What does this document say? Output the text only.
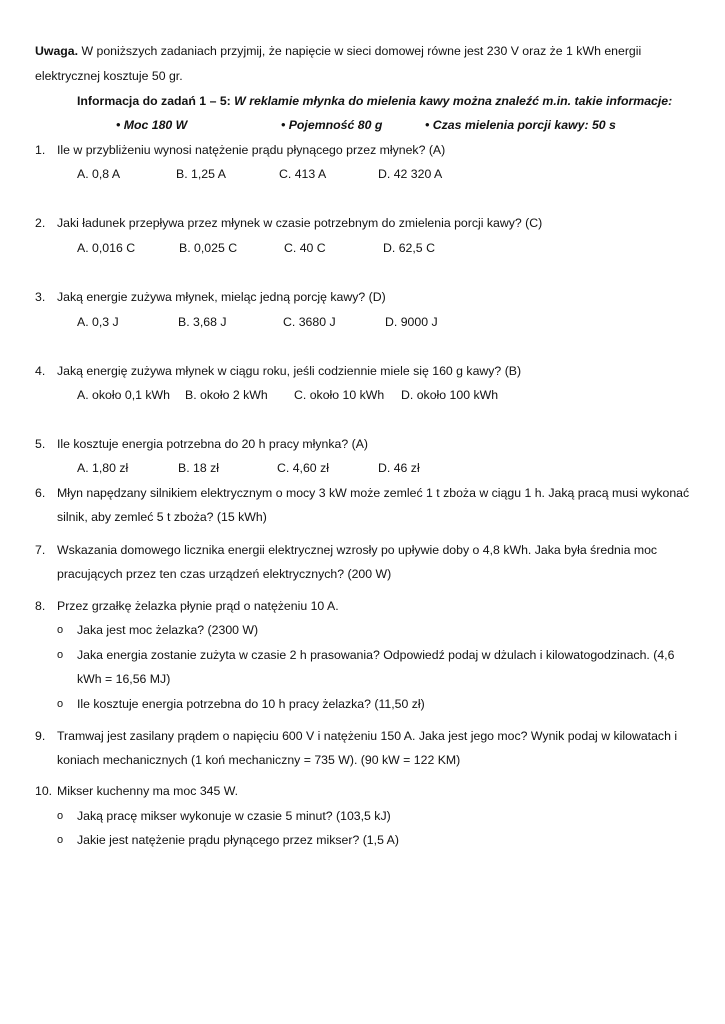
Uwaga. W poniższych zadaniach przyjmij, że napięcie w sieci domowej równe jest 230 V oraz że 1 kWh energii
elektrycznej kosztuje 50 gr.
Informacja do zadań 1 – 5: W reklamie młynka do mielenia kawy można znaleźć m.in. takie informacje:
• Moc 180 W	• Pojemność 80 g	• Czas mielenia porcji kawy: 50 s
1. Ile w przybliżeniu wynosi natężenie prądu płynącego przez młynek? (A)
A. 0,8 A	B. 1,25 A	C. 413 A	D. 42 320 A
2. Jaki ładunek przepływa przez młynek w czasie potrzebnym do zmielenia porcji kawy? (C)
A. 0,016 C	B. 0,025 C	C. 40 C	D. 62,5 C
3. Jaką energie zużywa młynek, mieląc jedną porcję kawy? (D)
A. 0,3 J	B. 3,68 J	C. 3680 J	D. 9000 J
4. Jaką energię zużywa młynek w ciągu roku, jeśli codziennie miele się 160 g kawy? (B)
A. około 0,1 kWh B. około 2 kWh C. około 10 kWh D. około 100 kWh
5. Ile kosztuje energia potrzebna do 20 h pracy młynka? (A)
A. 1,80 zł	B. 18 zł	C. 4,60 zł	D. 46 zł
6. Młyn napędzany silnikiem elektrycznym o mocy 3 kW może zemleć 1 t zboża w ciągu 1 h. Jaką pracą musi wykonać
silnik, aby zemleć 5 t zboża? (15 kWh)
7. Wskazania domowego licznika energii elektrycznej wzrosły po upływie doby o 4,8 kWh. Jaka była średnia moc
pracujących przez ten czas urządzeń elektrycznych? (200 W)
8. Przez grzałkę żelazka płynie prąd o natężeniu 10 A.
o Jaka jest moc żelazka? (2300 W)
o Jaka energia zostanie zużyta w czasie 2 h prasowania? Odpowiedź podaj w dżulach i kilowatogodzinach. (4,6
kWh = 16,56 MJ)
o Ile kosztuje energia potrzebna do 10 h pracy żelazka? (11,50 zł)
9. Tramwaj jest zasilany prądem o napięciu 600 V i natężeniu 150 A. Jaka jest jego moc? Wynik podaj w kilowatach i
koniach mechanicznych (1 koń mechaniczny = 735 W). (90 kW = 122 KM)
10. Mikser kuchenny ma moc 345 W.
o Jaką pracę mikser wykonuje w czasie 5 minut? (103,5 kJ)
o Jakie jest natężenie prądu płynącego przez mikser? (1,5 A)
